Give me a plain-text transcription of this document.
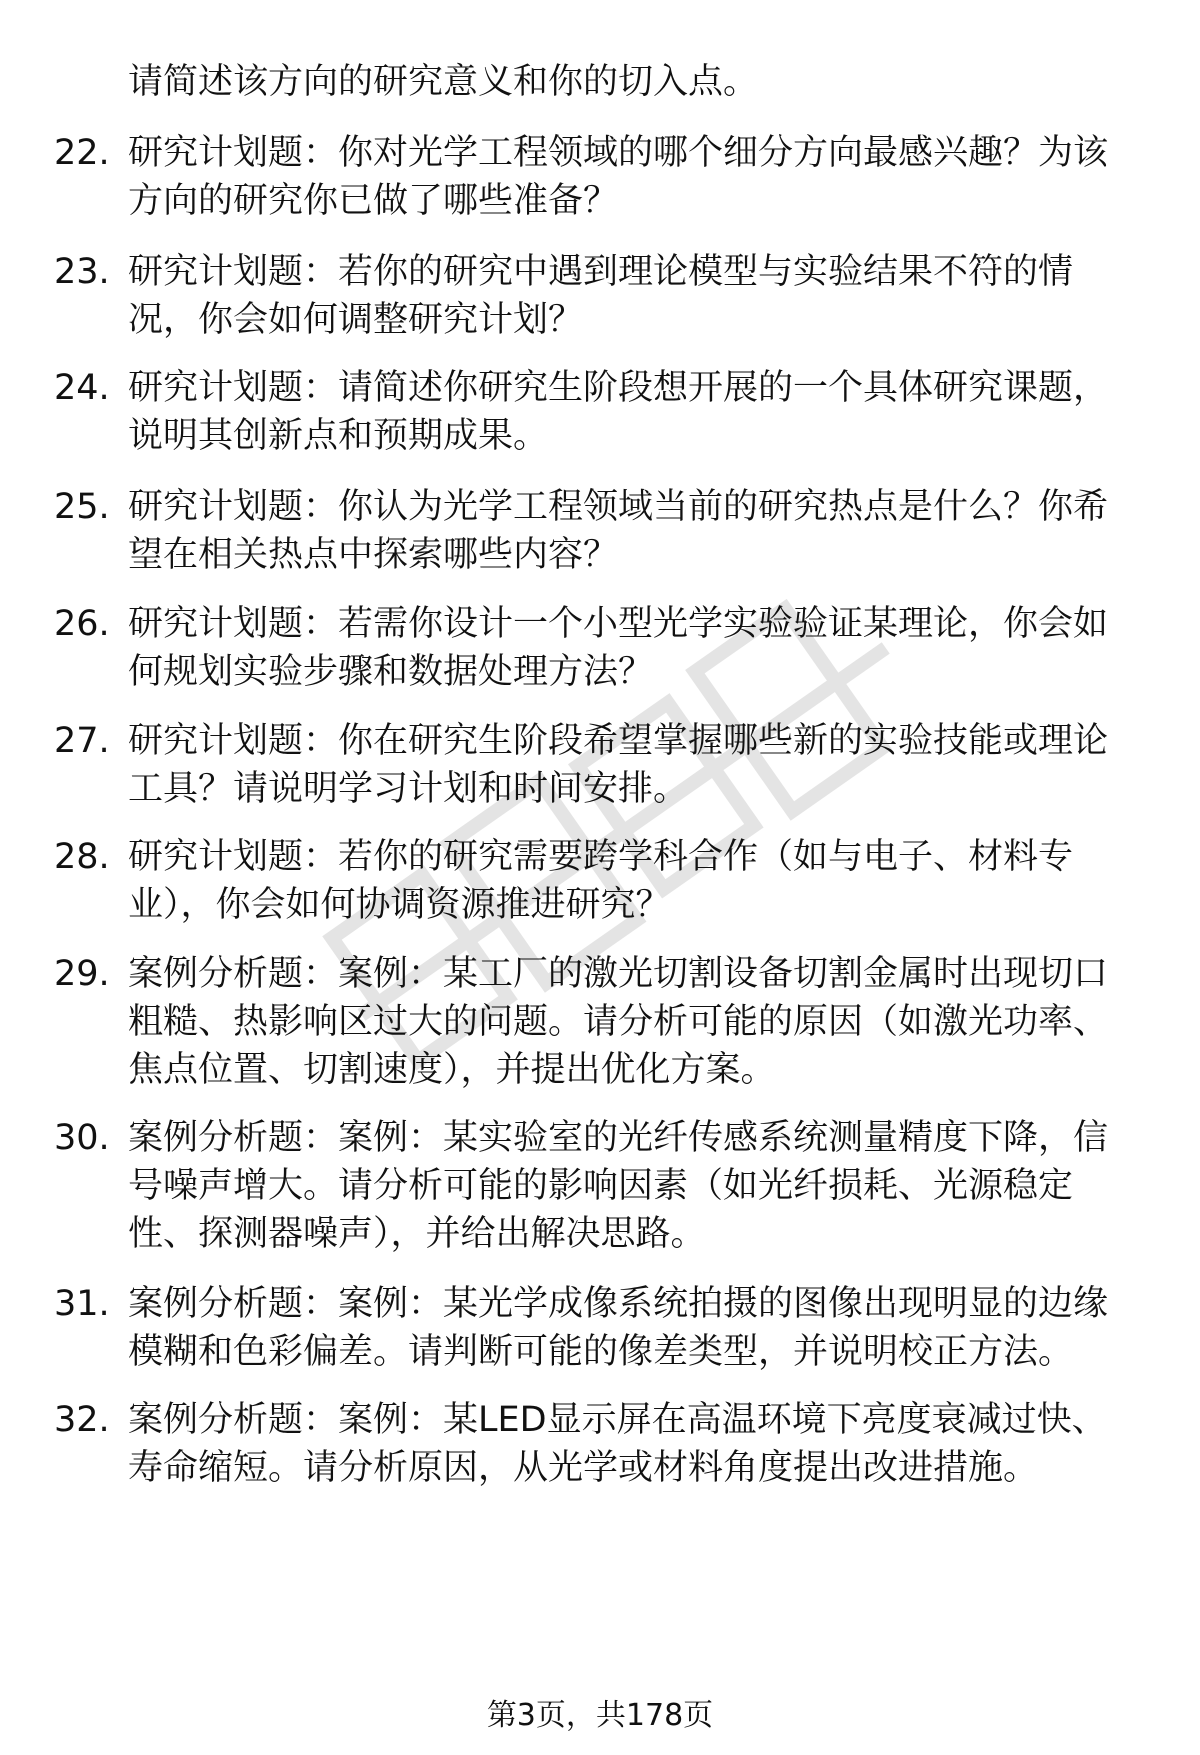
请简述该方向的研究意义和你的切入点。
22. 研究计划题：你对光学工程领域的哪个细分方向最感兴趣？为该
方向的研究你已做了哪些准备？
23. 研究计划题：若你的研究中遇到理论模型与实验结果不符的情
况，你会如何调整研究计划？
24. 研究计划题：请简述你研究生阶段想开展的一个具体研究课题，
说明其创新点和预期成果。
25. 研究计划题：你认为光学工程领域当前的研究热点是什么？你希
望在相关热点中探索哪些内容？
26. 研究计划题：若需你设计一个小型光学实验验证某理论，你会如
何规划实验步骤和数据处理方法？
27. 研究计划题：你在研究生阶段希望掌握哪些新的实验技能或理论
工具？请说明学习计划和时间安排。
28. 研究计划题：若你的研究需要跨学科合作（如与电子、材料专
业），你会如何协调资源推进研究？
29. 案例分析题：案例：某工厂的激光切割设备切割金属时出现切口
粗糙、热影响区过大的问题。请分析可能的原因（如激光功率、
焦点位置、切割速度），并提出优化方案。
30. 案例分析题：案例：某实验室的光纤传感系统测量精度下降，信
号噪声增大。请分析可能的影响因素（如光纤损耗、光源稳定
性、探测器噪声），并给出解决思路。
31. 案例分析题：案例：某光学成像系统拍摄的图像出现明显的边缘
模糊和色彩偏差。请判断可能的像差类型，并说明校正方法。
32. 案例分析题：案例：某LED显示屏在高温环境下亮度衰减过快、
寿命缩短。请分析原因，从光学或材料角度提出改进措施。
第3页，共178页
